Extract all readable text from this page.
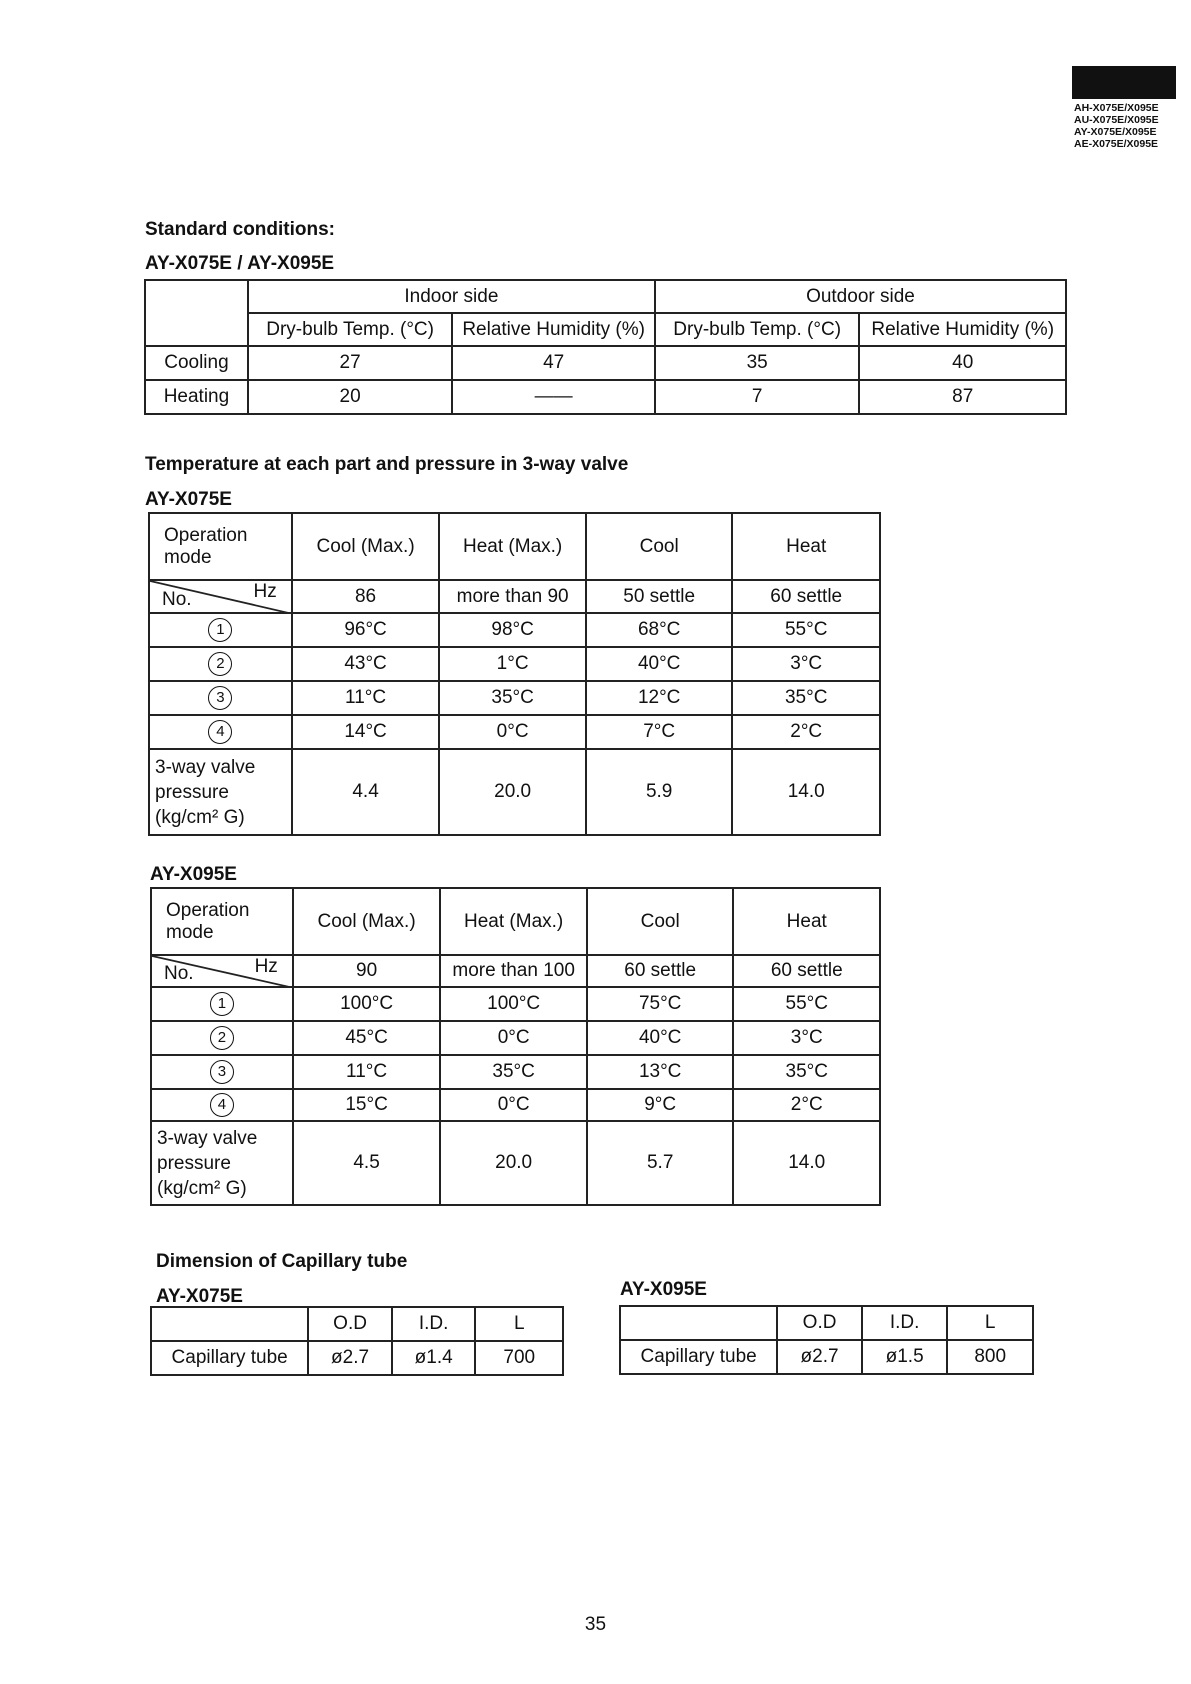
AH-X075E/X095E
AU-X075E/X095E
AY-X075E/X095E
AE-X075E/X095E
Standard conditions:
AY-X075E / AY-X095E
	Indoor side		Outdoor side	
	Dry-bulb Temp. (°C)	Relative Humidity (%)	Dry-bulb Temp. (°C)	Relative Humidity (%)
Cooling	27	47	35	40
Heating	20	——	7	87
Temperature at each part and pressure in 3-way valve
AY-X075E
Operation mode	Cool (Max.)	Heat (Max.)	Cool	Heat

No. Hz	86	more than 90	50 settle	60 settle
1	96°C	98°C	68°C	55°C
2	43°C	1°C	40°C	3°C
3	11°C	35°C	12°C	35°C
4	14°C	0°C	7°C	2°C
3-way valve pressure (kg/cm² G)	4.4	20.0	5.9	14.0
AY-X095E
Operation mode	Cool (Max.)	Heat (Max.)	Cool	Heat

No. Hz	90	more than 100	60 settle	60 settle
1	100°C	100°C	75°C	55°C
2	45°C	0°C	40°C	3°C
3	11°C	35°C	13°C	35°C
4	15°C	0°C	9°C	2°C
3-way valve pressure (kg/cm² G)	4.5	20.0	5.7	14.0
Dimension of Capillary tube
AY-X075E
	O.D	I.D.	L
Capillary tube	ø2.7	ø1.4	700
AY-X095E
	O.D	I.D.	L
Capillary tube	ø2.7	ø1.5	800
35
